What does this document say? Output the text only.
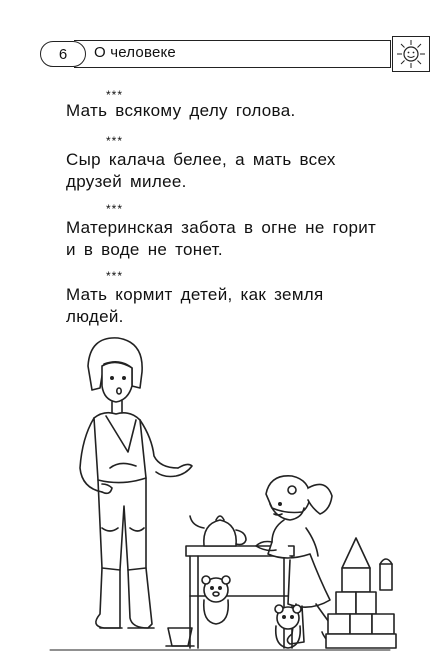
6	О человеке
***
Мать всякому делу голова.
***
Сыр калача белее, а мать всех
друзей милее.
***
Материнская забота в огне не горит
и в воде не тонет.
***
Мать кормит детей, как земля
людей.
